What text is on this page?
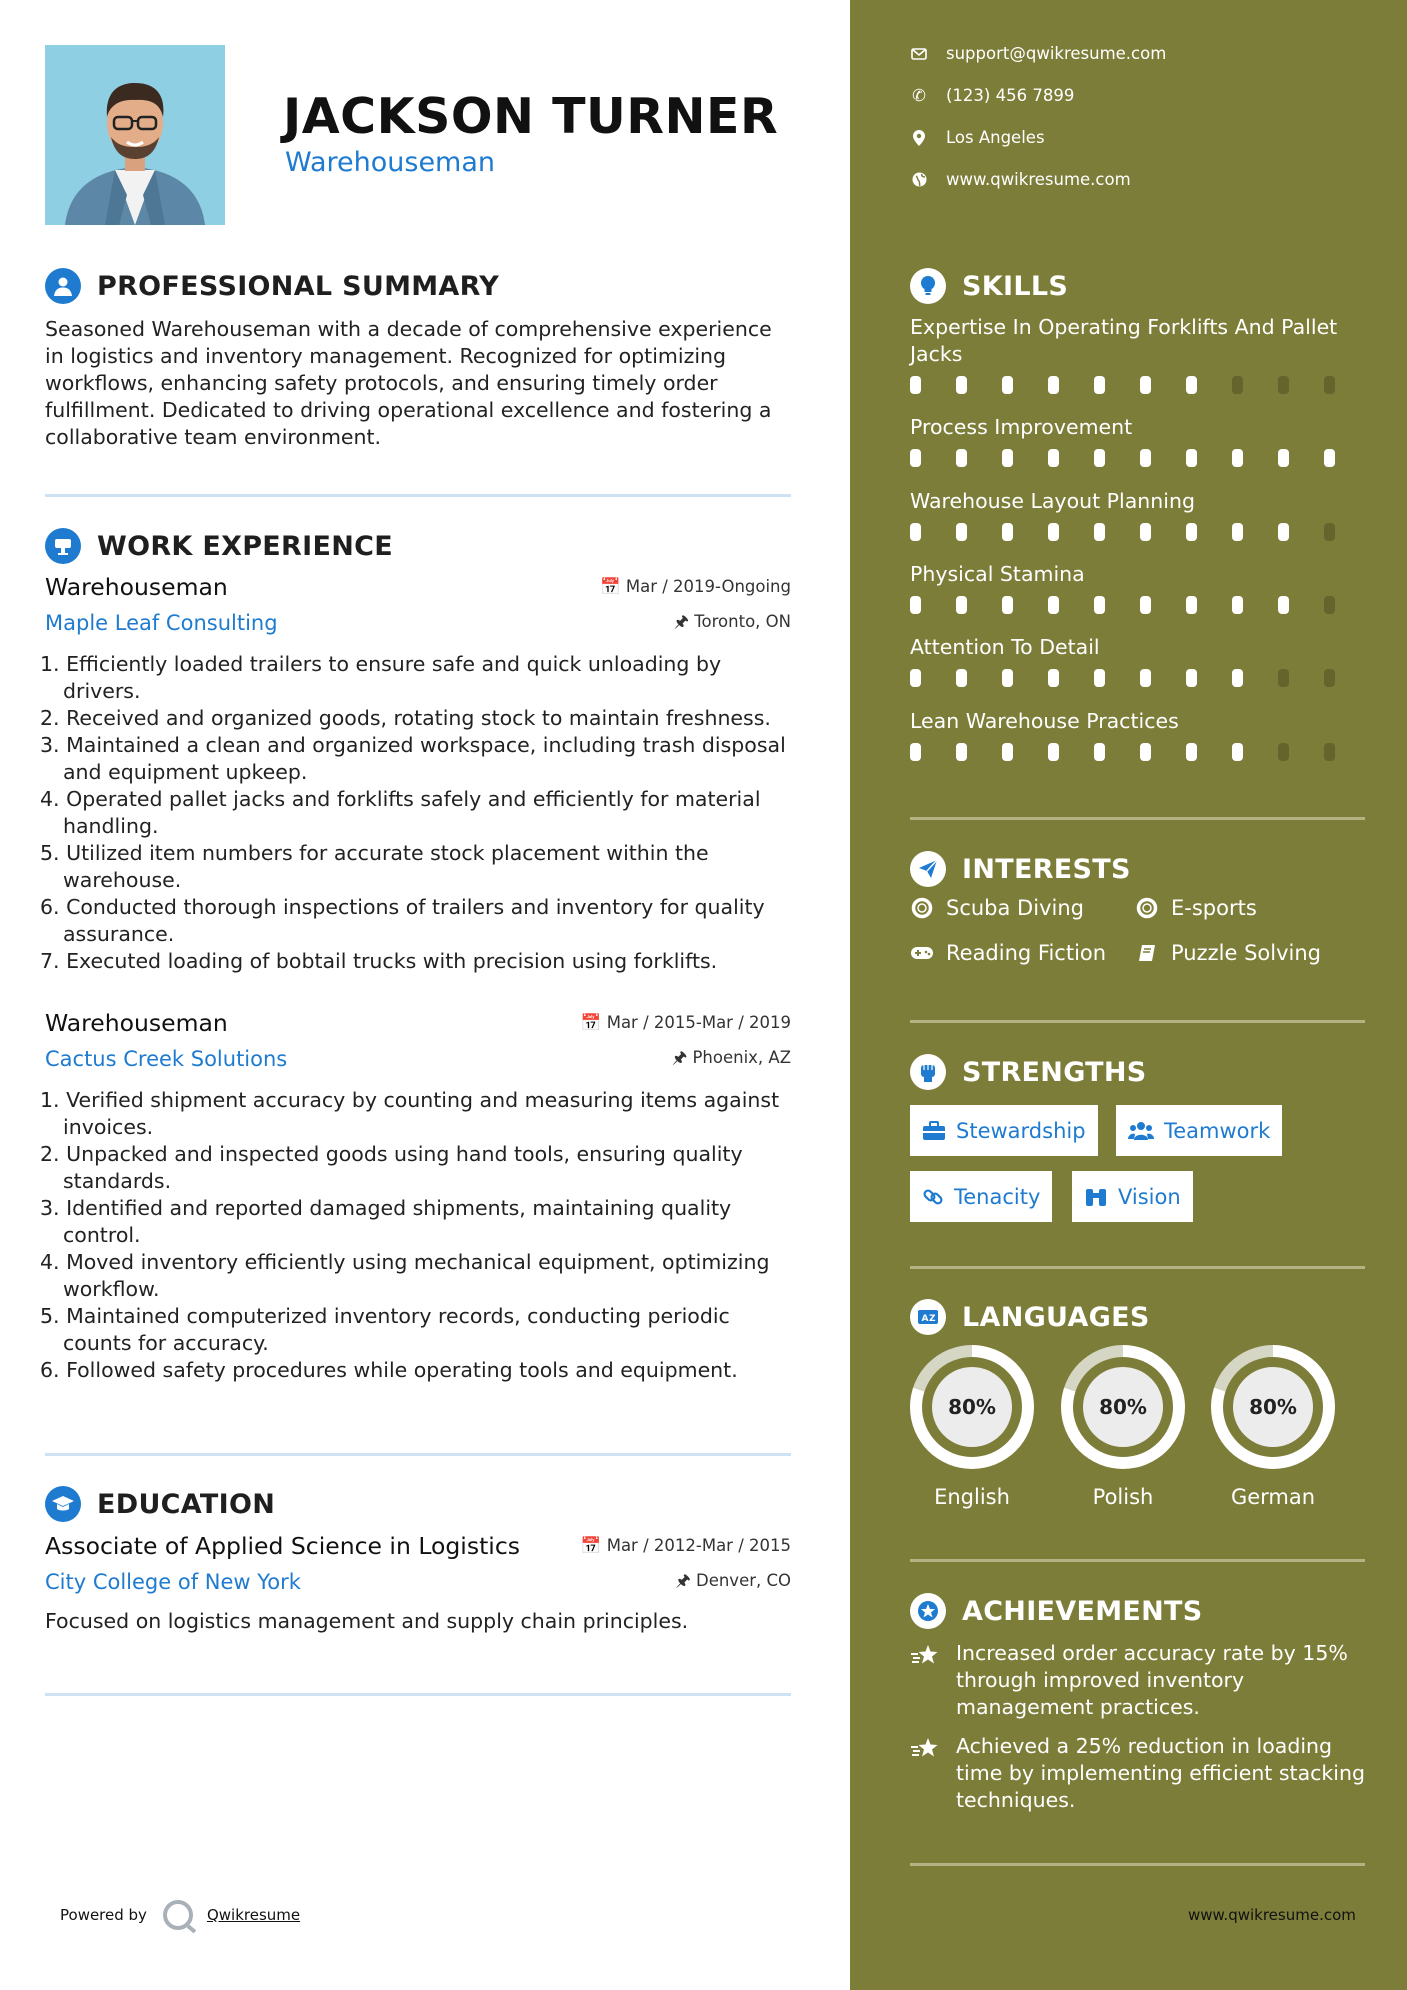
JACKSON TURNER
Warehouseman
PROFESSIONAL SUMMARY
Seasoned Warehouseman with a decade of comprehensive experience in logistics and inventory management. Recognized for optimizing workflows, enhancing safety protocols, and ensuring timely order fulfillment. Dedicated to driving operational excellence and fostering a collaborative team environment.
WORK EXPERIENCE
Warehouseman
Maple Leaf Consulting
📅 Mar / 2019-Ongoing
🖈 Toronto, ON
1. Efficiently loaded trailers to ensure safe and quick unloading by drivers.
2. Received and organized goods, rotating stock to maintain freshness.
3. Maintained a clean and organized workspace, including trash disposal and equipment upkeep.
4. Operated pallet jacks and forklifts safely and efficiently for material handling.
5. Utilized item numbers for accurate stock placement within the warehouse.
6. Conducted thorough inspections of trailers and inventory for quality assurance.
7. Executed loading of bobtail trucks with precision using forklifts.
Warehouseman
Cactus Creek Solutions
📅 Mar / 2015-Mar / 2019
🖈 Phoenix, AZ
1. Verified shipment accuracy by counting and measuring items against invoices.
2. Unpacked and inspected goods using hand tools, ensuring quality standards.
3. Identified and reported damaged shipments, maintaining quality control.
4. Moved inventory efficiently using mechanical equipment, optimizing workflow.
5. Maintained computerized inventory records, conducting periodic counts for accuracy.
6. Followed safety procedures while operating tools and equipment.
EDUCATION
Associate of Applied Science in Logistics
City College of New York
📅 Mar / 2012-Mar / 2015
🖈 Denver, CO
Focused on logistics management and supply chain principles.
Powered by	Qwikresume
support@qwikresume.com
✆ (123) 456 7899
Los Angeles
www.qwikresume.com
SKILLS
Expertise In Operating Forklifts And Pallet Jacks
Process Improvement
Warehouse Layout Planning
Physical Stamina
Attention To Detail
Lean Warehouse Practices
INTERESTS
Scuba Diving	E-sports
Reading Fiction	Puzzle Solving
STRENGTHS
Stewardship	Teamwork
Tenacity	Vision
A Z LANGUAGES
80%
English
80%
Polish
80%
German
ACHIEVEMENTS
Increased order accuracy rate by 15% through improved inventory management practices.
Achieved a 25% reduction in loading time by implementing efficient stacking techniques.
www.qwikresume.com
